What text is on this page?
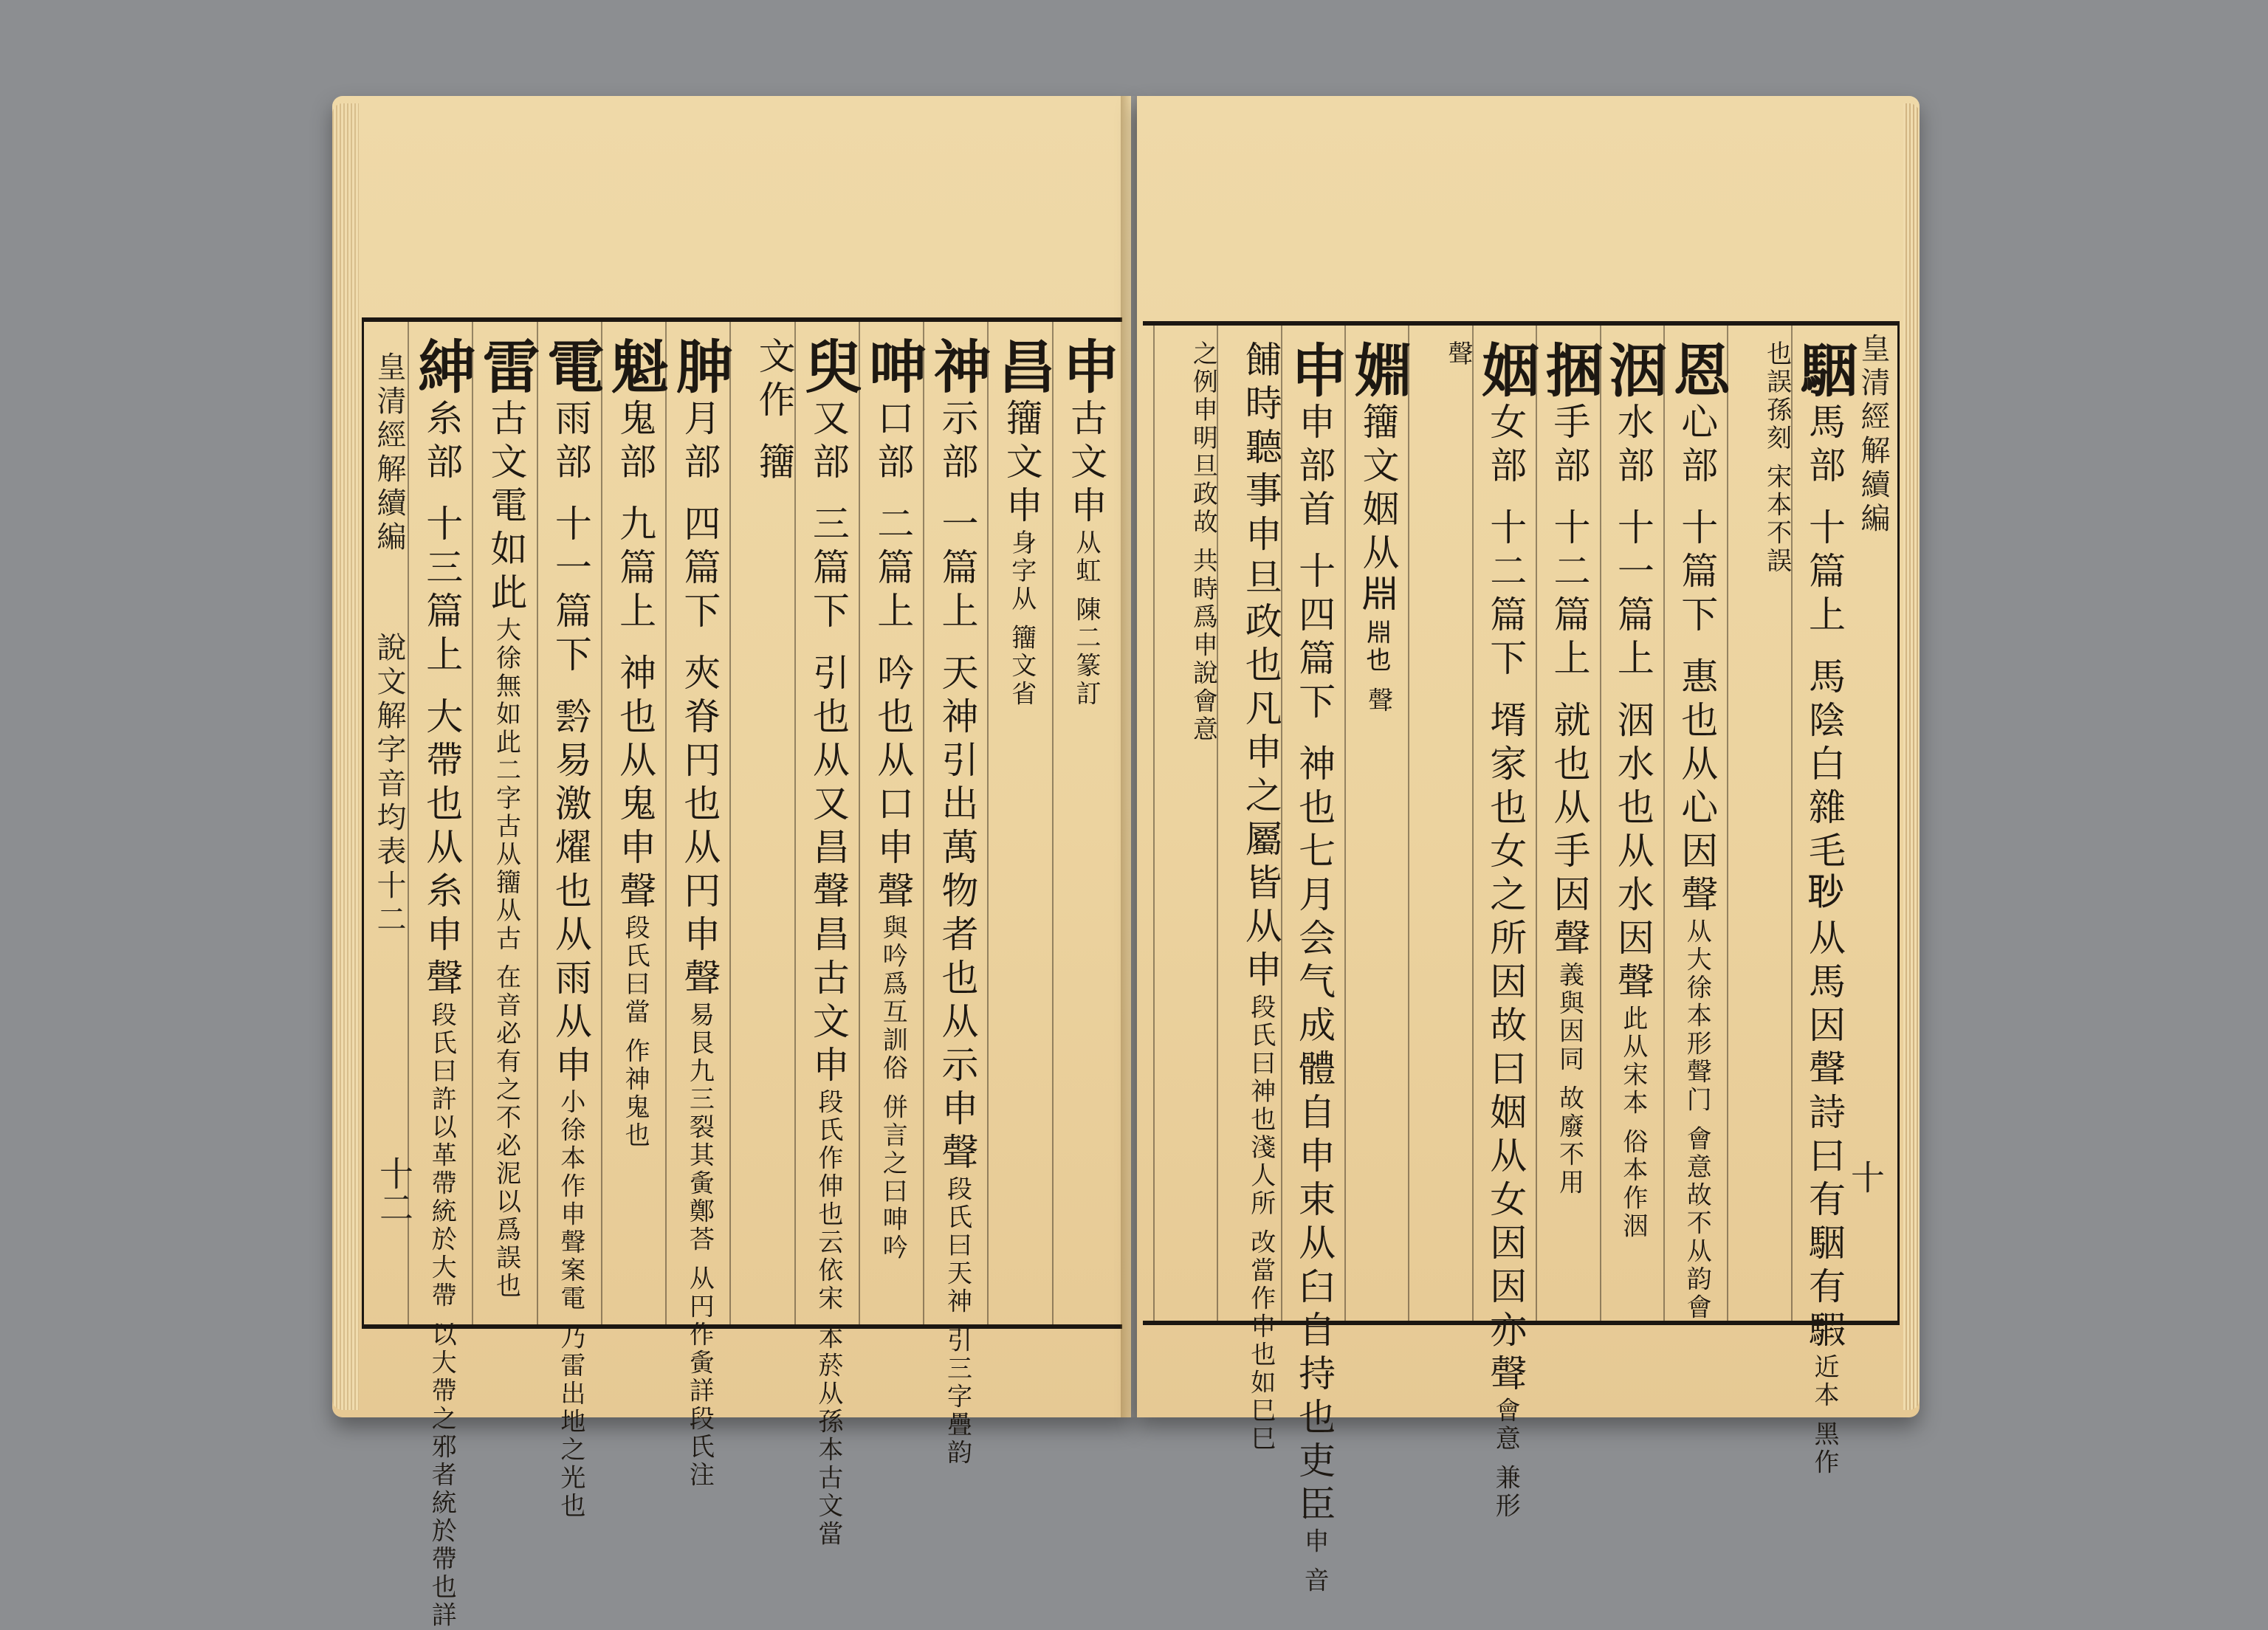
皇清經解續編
說文解字音均表十二
十二
申古文申从虹 陳二篆訂
昌籒文申身字从 籒文省
神示部 一篇上 天神引出萬物者也从示申聲段氏曰天神 引三字疊韵
呻口部 二篇上 吟也从口申聲與吟爲互訓俗 併言之曰呻吟
臾又部 三篇下 引也从又昌聲昌古文申段氏作伸也云依宋 本菸从孫本古文當
文作 籒
胂月部 四篇下 夾脊円也从円申聲易艮九三裂其夤鄭荅 从円作夤詳段氏注
魁鬼部 九篇上 神也从鬼申聲段氏曰當 作神鬼也
電雨部 十一篇下 霒易激燿也从雨从申小徐本作申聲案電 乃雷出地之光也
雷古文電如此大徐無如此二字古从籒从古 在音必有之不必泥以爲誤也
紳糸部 十三篇上 大帶也从糸申聲段氏曰許以革帶統於大帶 以大帶之邪者統於帶也詳
皇清經解續編
十
駰馬部 十篇上 馬陰白雜毛𦕈从馬因聲詩曰有駰有騢近本 黑作
也誤孫刻 宋本不誤
恩心部 十篇下 惠也从心因聲从大徐本形聲门 會意故不从韵會
洇水部 十一篇上 洇水也从水因聲此从宋本 俗本作洇
捆手部 十二篇上 就也从手因聲義與因同 故廢不用
姻女部 十二篇下 壻家也女之所因故曰姻从女因因亦聲會意 兼形
聲
婣籒文姻从𣶒𣶒也 聲
申申部首 十四篇下 神也七月会气成體自申束从臼自持也吏臣申 音
餔時聽事申旦政也凡申之屬皆从申段氏曰神也淺人所 改當作申也如巳巳
之例申明旦政故 共時爲申說會意
